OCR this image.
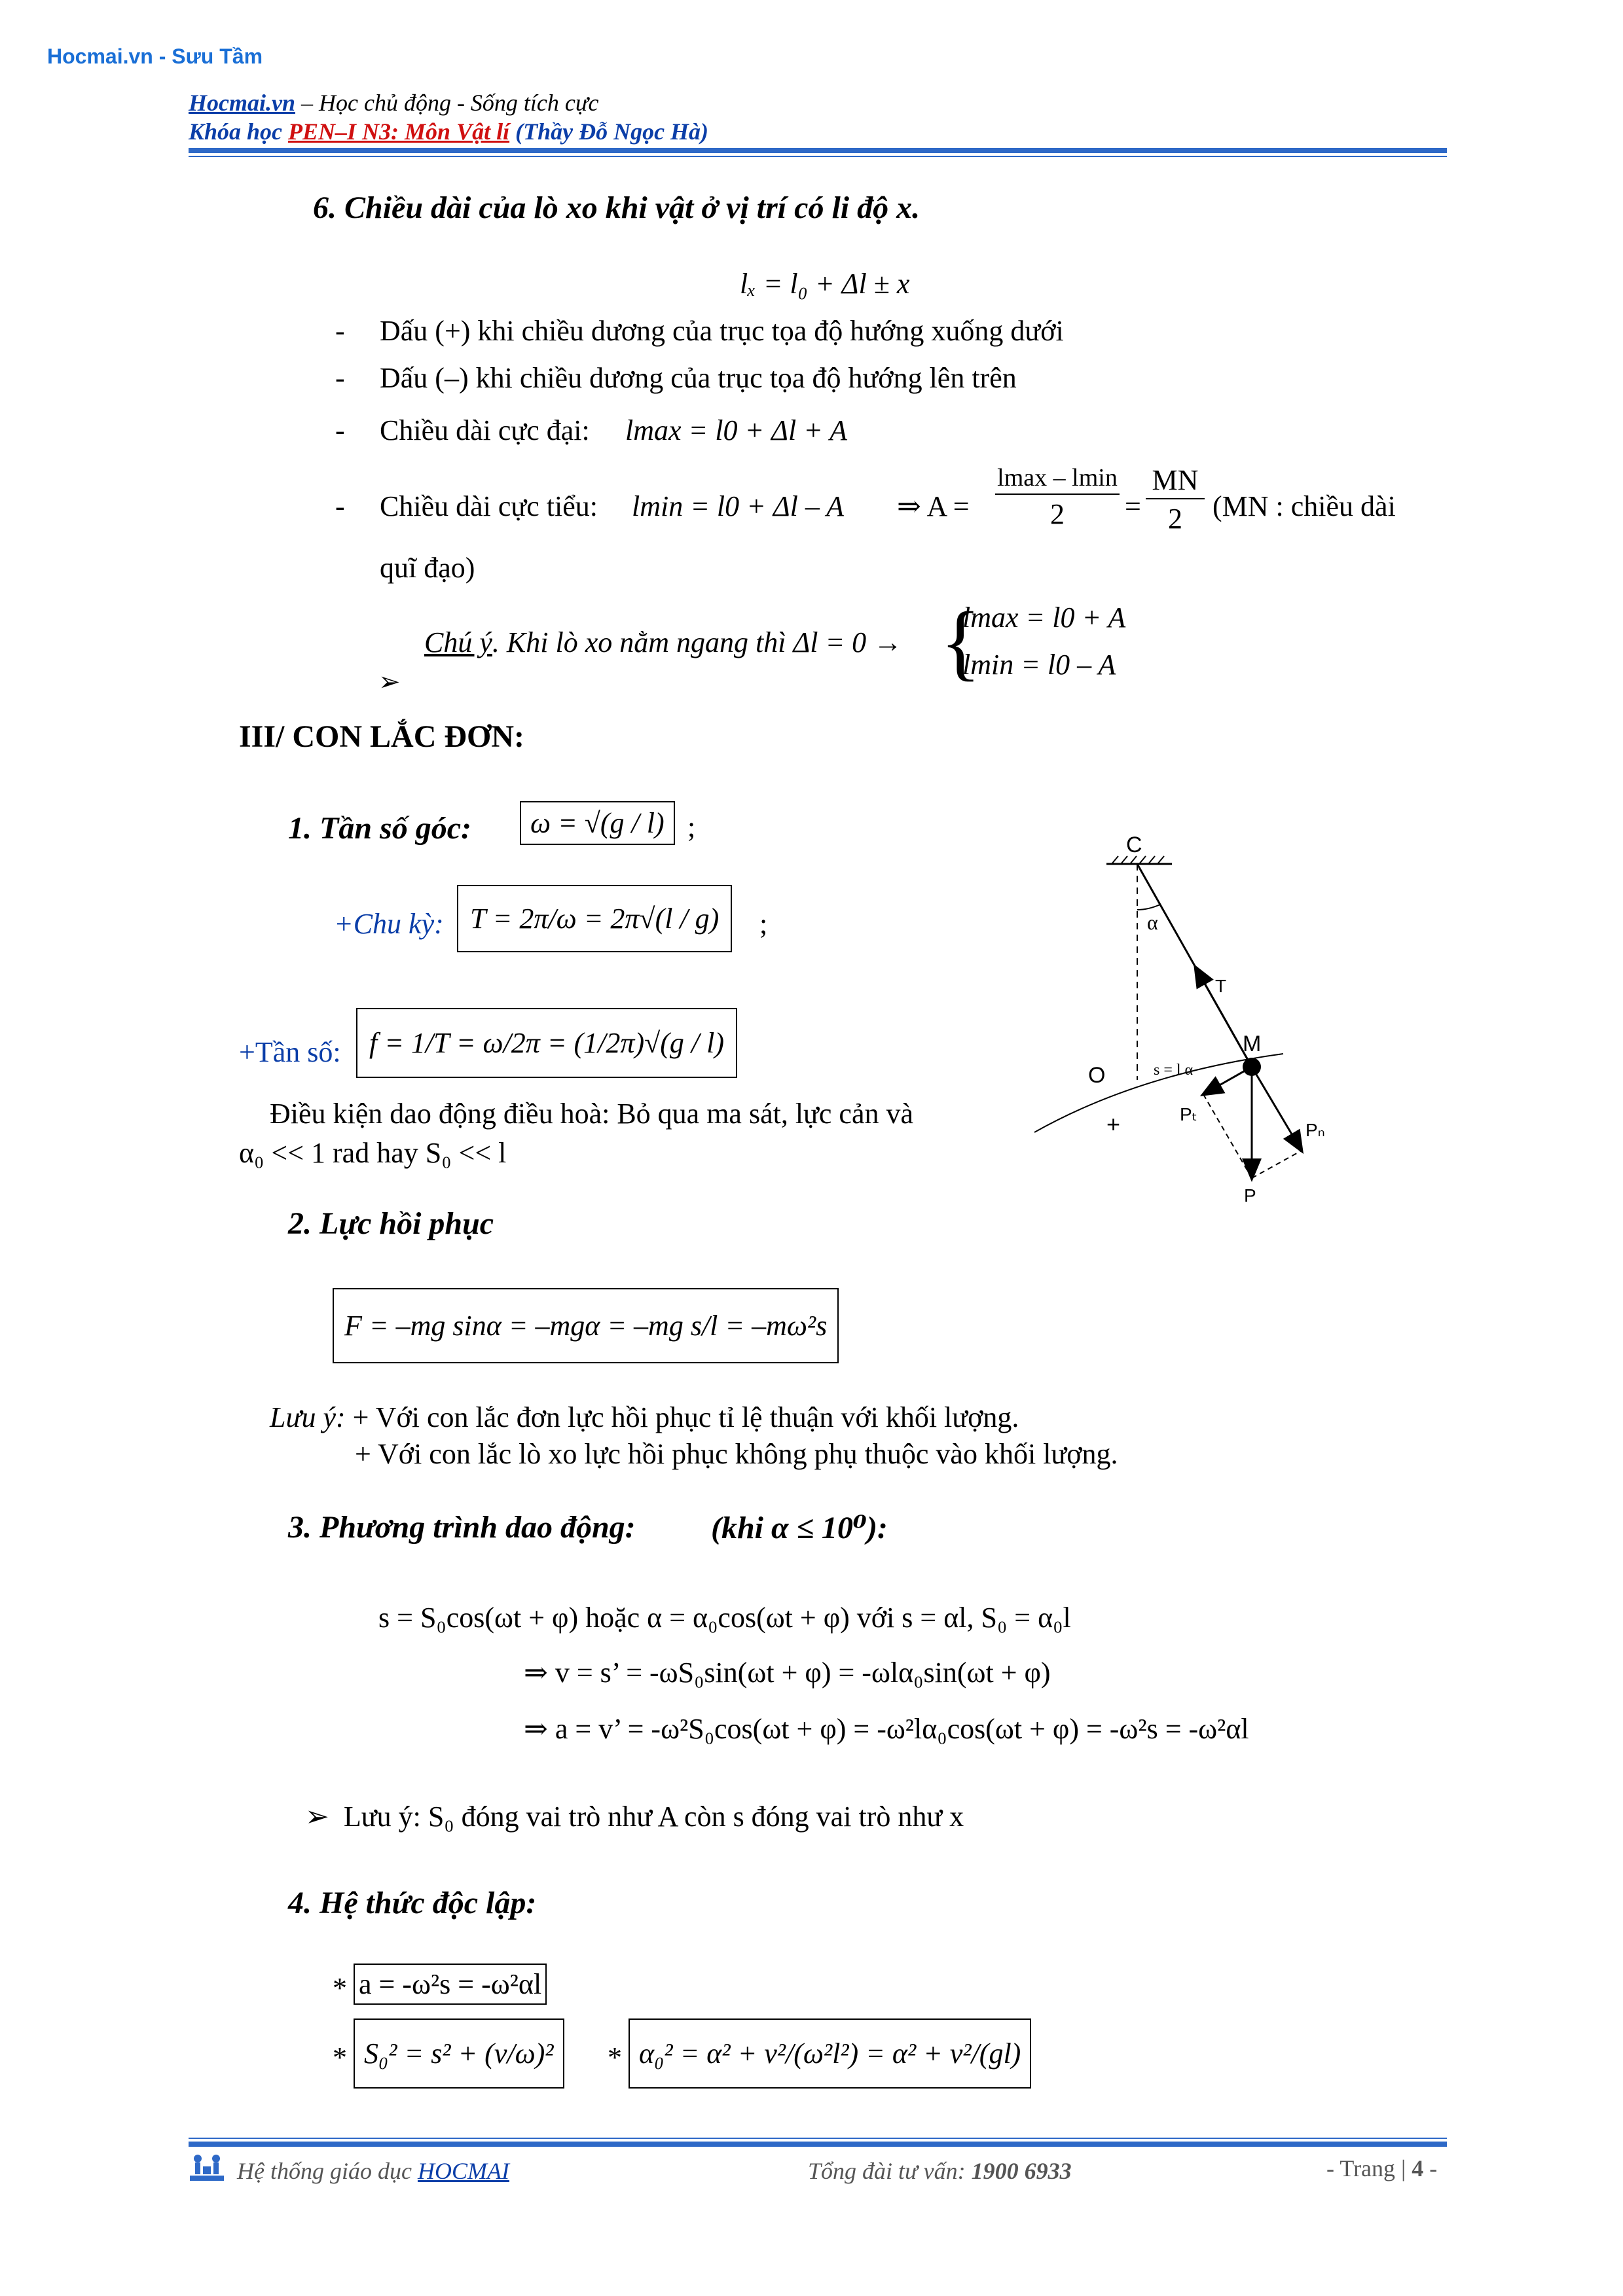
Hocmai.vn - Sưu Tầm
Hocmai.vn – Học chủ động - Sống tích cực
Khóa học PEN–I N3: Môn Vật lí (Thầy Đỗ Ngọc Hà)
6. Chiều dài của lò xo khi vật ở vị trí có li độ x.
lₓ = l₀ + Δl ± x
- Dấu (+) khi chiều dương của trục tọa độ hướng xuống dưới
- Dấu (–) khi chiều dương của trục tọa độ hướng lên trên
- Chiều dài cực đại: lmax = l0 + Δl + A
- Chiều dài cực tiểu: lmin = l0 + Δl – A ⇒ A =
lmax – lmin
2	= $\frac{MN}{2} (MN$ : chiều dài
quĩ đạo)
Chú ý. Khi lò xo nằm ngang thì Δl = 0 → {
lmax = l0 + A
lmin = l0 – A
➢
III/ CON LẮC ĐƠN:
1. Tần số góc:	ω = √(g / l) ;
+Chu kỳ: T = 2π/ω = 2π√(l / g)	;
+Tần số: f = 1/T = ω/2π = (1/2π)√(g / l)
Điều kiện dao động điều hoà: Bỏ qua ma sát, lực cản và
α₀ << 1 rad hay S₀ << l
2. Lực hồi phục
F = –mg sinα = –mgα = –mg s/l = –mω²s
Lưu ý: + Với con lắc đơn lực hồi phục tỉ lệ thuận với khối lượng.
+ Với con lắc lò xo lực hồi phục không phụ thuộc vào khối lượng.
3. Phương trình dao động: (khi α ≤ 10⁰):
s = S₀cos(ωt + φ) hoặc α = α₀cos(ωt + φ) với s = αl, S₀ = α₀l
⇒ v = s’ = -ωS₀sin(ωt + φ) = -ωlα₀sin(ωt + φ)
⇒ a = v’ = -ω²S₀cos(ωt + φ) = -ω²lα₀cos(ωt + φ) = -ω²s = -ω²αl
➢ Lưu ý: S₀ đóng vai trò như A còn s đóng vai trò như x
4. Hệ thức độc lập:
* a = -ω²s = -ω²αl
* S₀² = s² + (v/ω)²	* α₀² = α² + v²/(ω²l²) = α² + v²/(gl)
C
α
T
M
O	s = l α
+	Pₜ
Pₙ
P
Hệ thống giáo dục HOCMAI	Tổng đài tư vấn: 1900 6933	- Trang | 4 -
